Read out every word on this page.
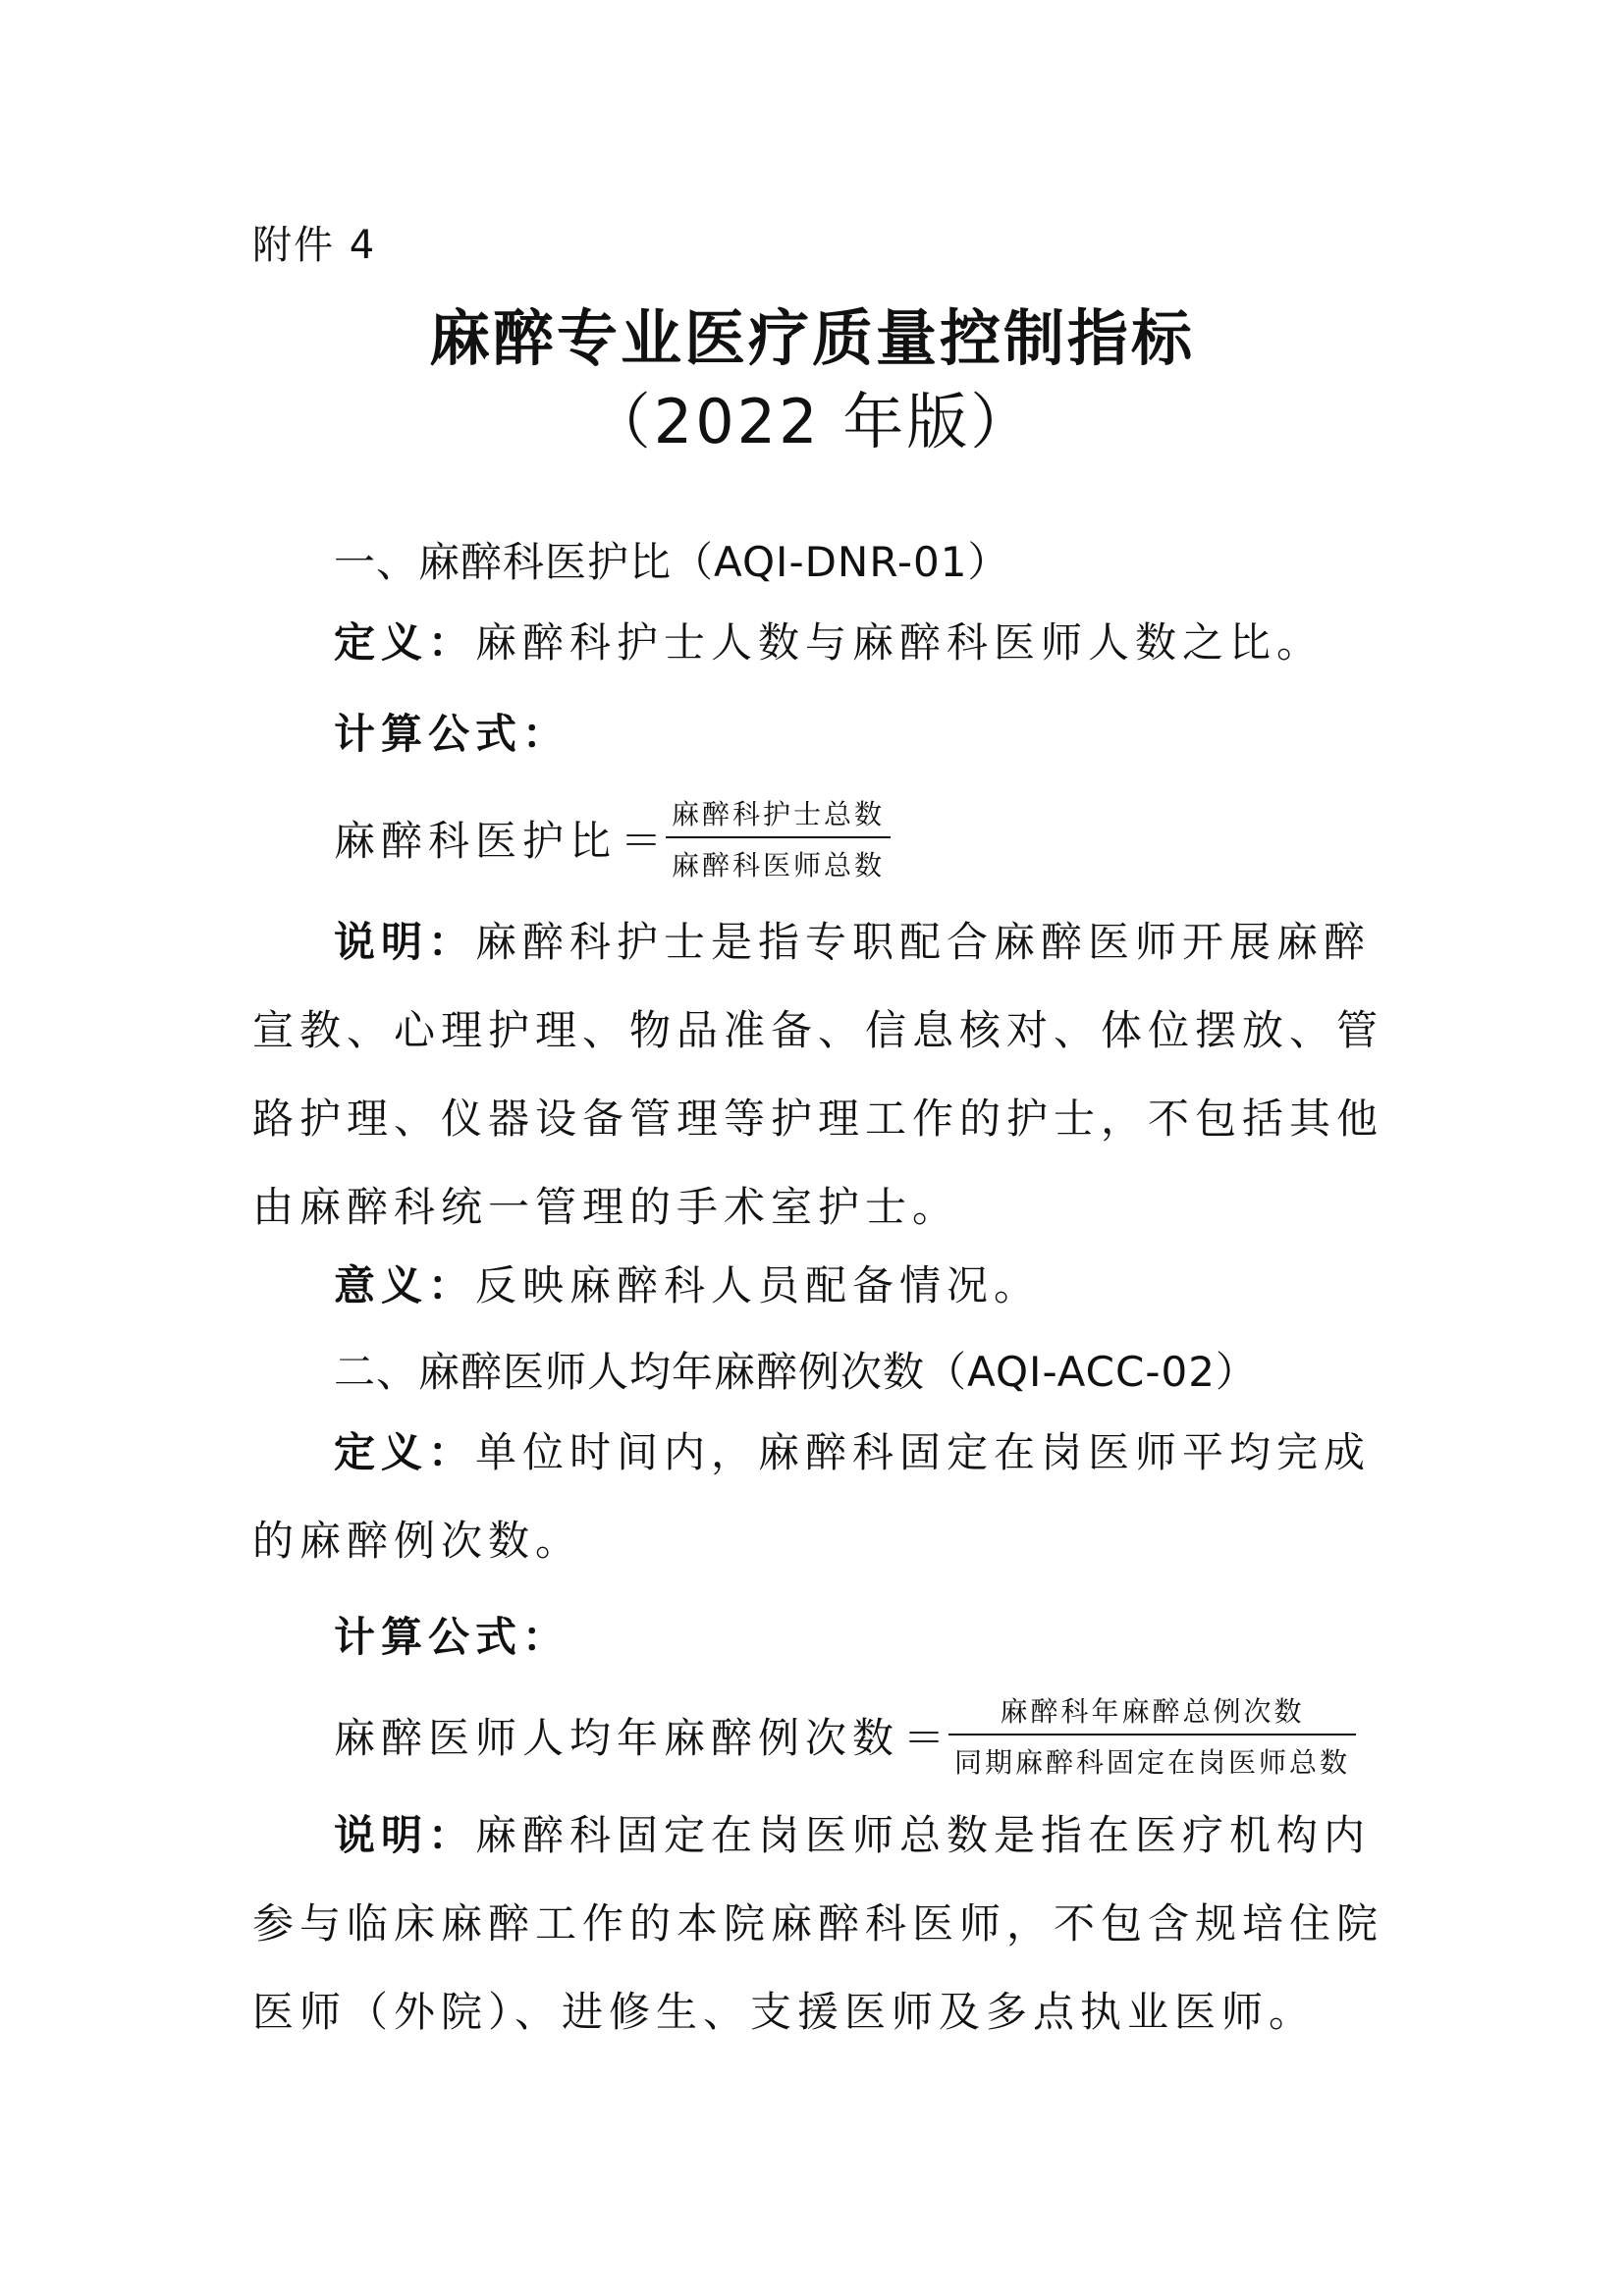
附件 4
麻醉专业医疗质量控制指标
（2022 年版）
一、麻醉科医护比（AQI-DNR-01）
定义：麻醉科护士人数与麻醉科医师人数之比。
计算公式：
麻醉科医护比 ＝ $\frac{\text{麻醉科护士总数}}{\text{麻醉科医师总数}}$
说明：麻醉科护士是指专职配合麻醉医师开展麻醉宣教、心理护理、物品准备、信息核对、体位摆放、管路护理、仪器设备管理等护理工作的护士，不包括其他由麻醉科统一管理的手术室护士。
意义：反映麻醉科人员配备情况。
二、麻醉医师人均年麻醉例次数（AQI-ACC-02）
定义：单位时间内，麻醉科固定在岗医师平均完成的麻醉例次数。
计算公式：
麻醉医师人均年麻醉例次数 ＝ $\frac{\text{麻醉科年麻醉总例次数}}{\text{同期麻醉科固定在岗医师总数}}$
说明：麻醉科固定在岗医师总数是指在医疗机构内参与临床麻醉工作的本院麻醉科医师，不包含规培住院医师（外院）、进修生、支援医师及多点执业医师。
